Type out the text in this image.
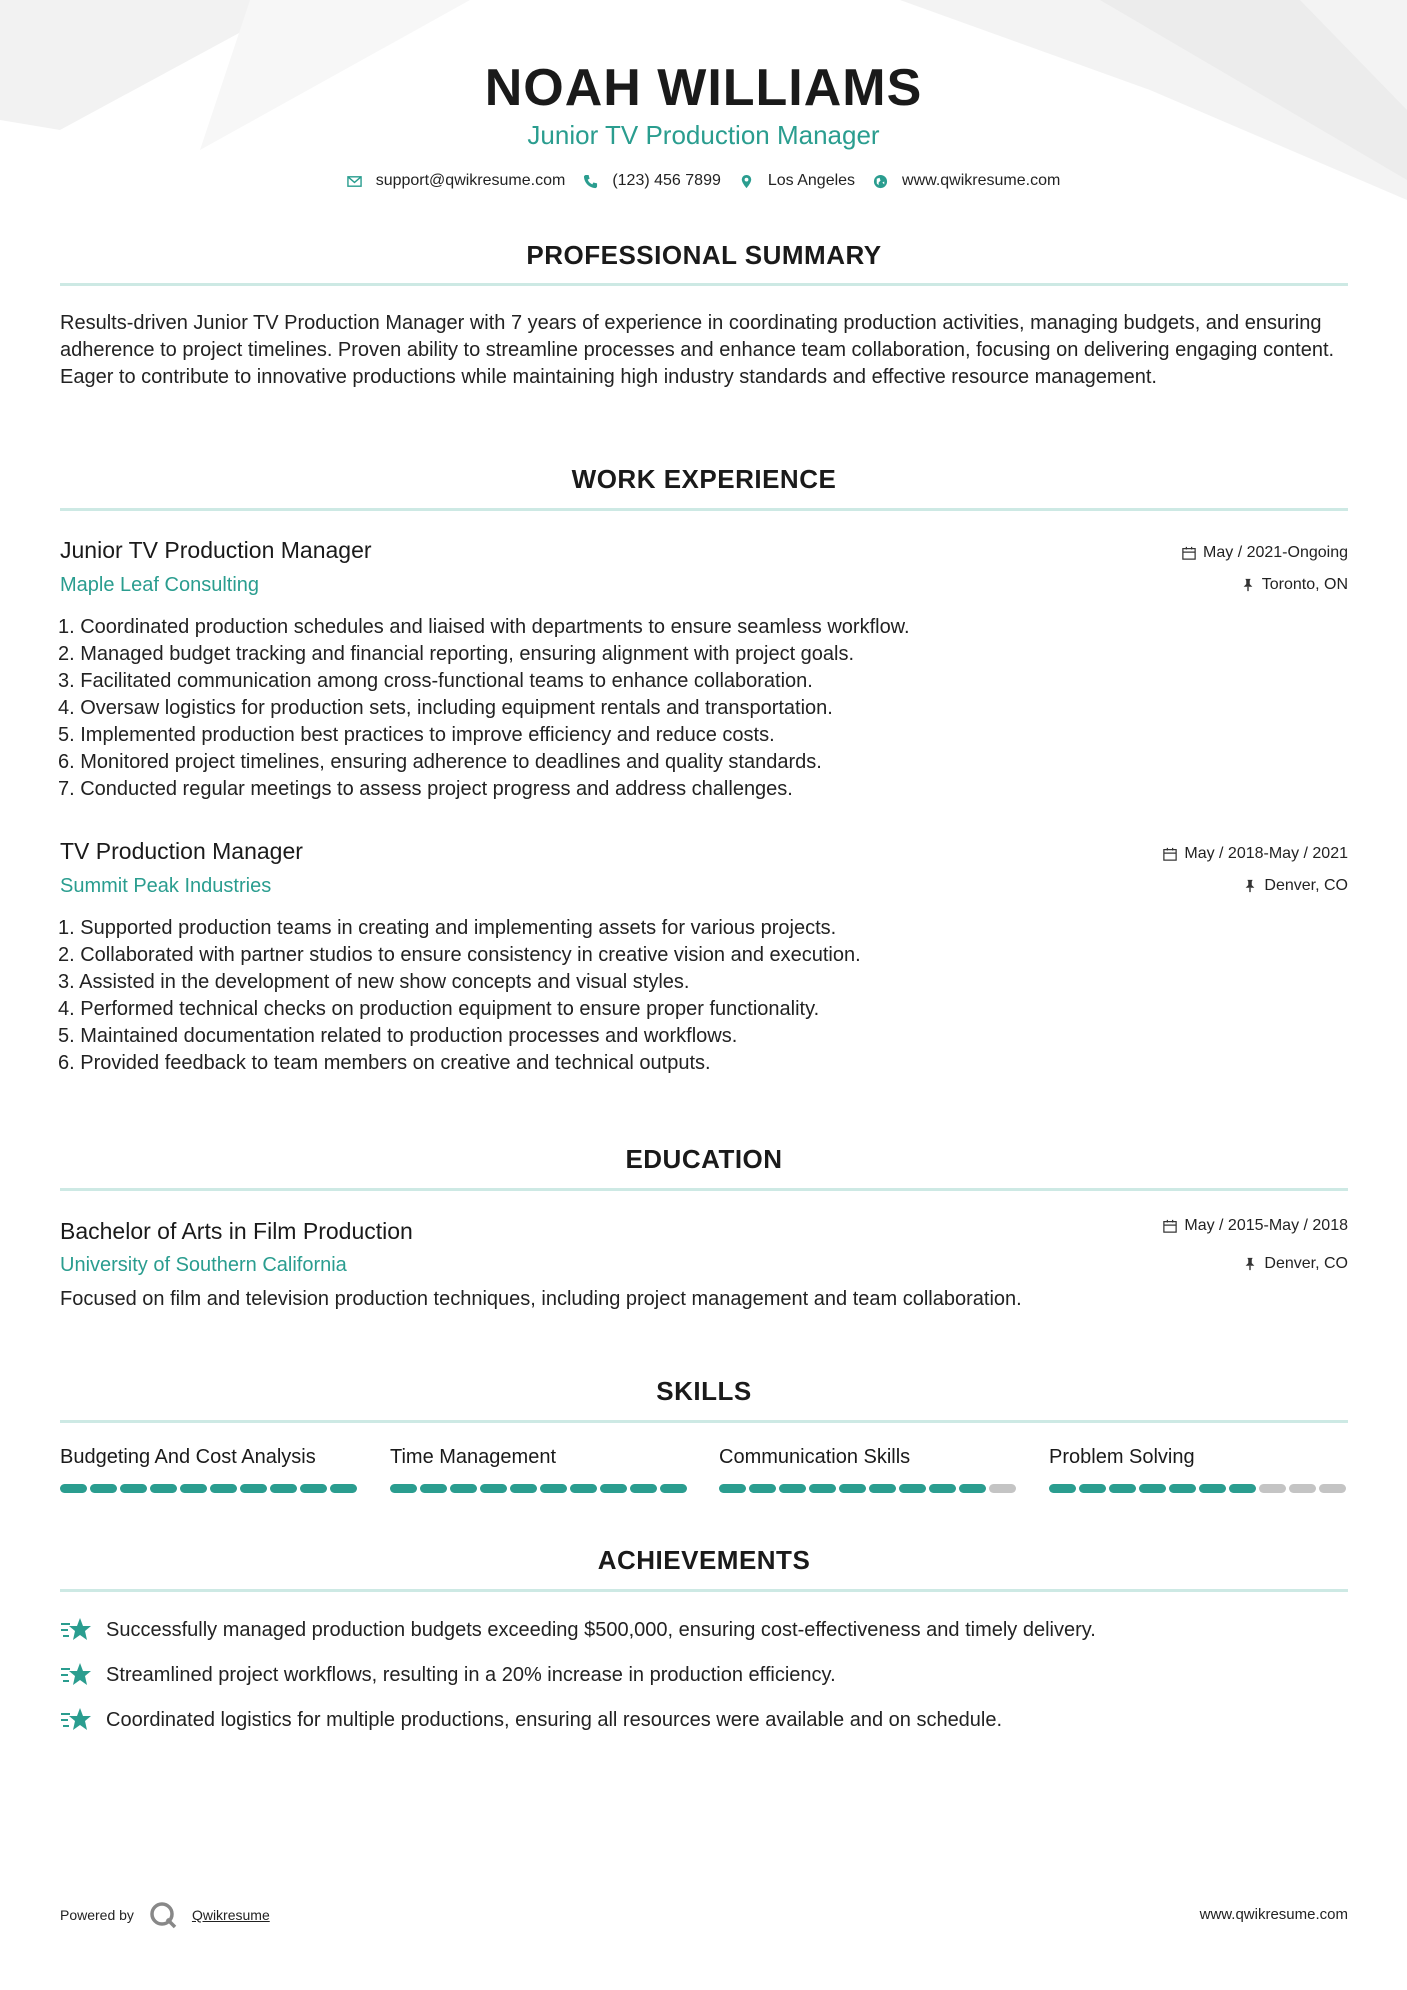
NOAH WILLIAMS
Junior TV Production Manager
support@qwikresume.com	(123) 456 7899	Los Angeles	www.qwikresume.com
PROFESSIONAL SUMMARY
Results-driven Junior TV Production Manager with 7 years of experience in coordinating production activities, managing budgets, and ensuring adherence to project timelines. Proven ability to streamline processes and enhance team collaboration, focusing on delivering engaging content. Eager to contribute to innovative productions while maintaining high industry standards and effective resource management.
WORK EXPERIENCE
Junior TV Production Manager
Maple Leaf Consulting
May / 2021-Ongoing
Toronto, ON
1. Coordinated production schedules and liaised with departments to ensure seamless workflow.
2. Managed budget tracking and financial reporting, ensuring alignment with project goals.
3. Facilitated communication among cross-functional teams to enhance collaboration.
4. Oversaw logistics for production sets, including equipment rentals and transportation.
5. Implemented production best practices to improve efficiency and reduce costs.
6. Monitored project timelines, ensuring adherence to deadlines and quality standards.
7. Conducted regular meetings to assess project progress and address challenges.
TV Production Manager
Summit Peak Industries
May / 2018-May / 2021
Denver, CO
1. Supported production teams in creating and implementing assets for various projects.
2. Collaborated with partner studios to ensure consistency in creative vision and execution.
3. Assisted in the development of new show concepts and visual styles.
4. Performed technical checks on production equipment to ensure proper functionality.
5. Maintained documentation related to production processes and workflows.
6. Provided feedback to team members on creative and technical outputs.
EDUCATION
Bachelor of Arts in Film Production
University of Southern California
May / 2015-May / 2018
Denver, CO
Focused on film and television production techniques, including project management and team collaboration.
SKILLS
Budgeting And Cost Analysis	Time Management	Communication Skills	Problem Solving
ACHIEVEMENTS
Successfully managed production budgets exceeding $500,000, ensuring cost-effectiveness and timely delivery.
Streamlined project workflows, resulting in a 20% increase in production efficiency.
Coordinated logistics for multiple productions, ensuring all resources were available and on schedule.
Powered by	Qwikresume	www.qwikresume.com
